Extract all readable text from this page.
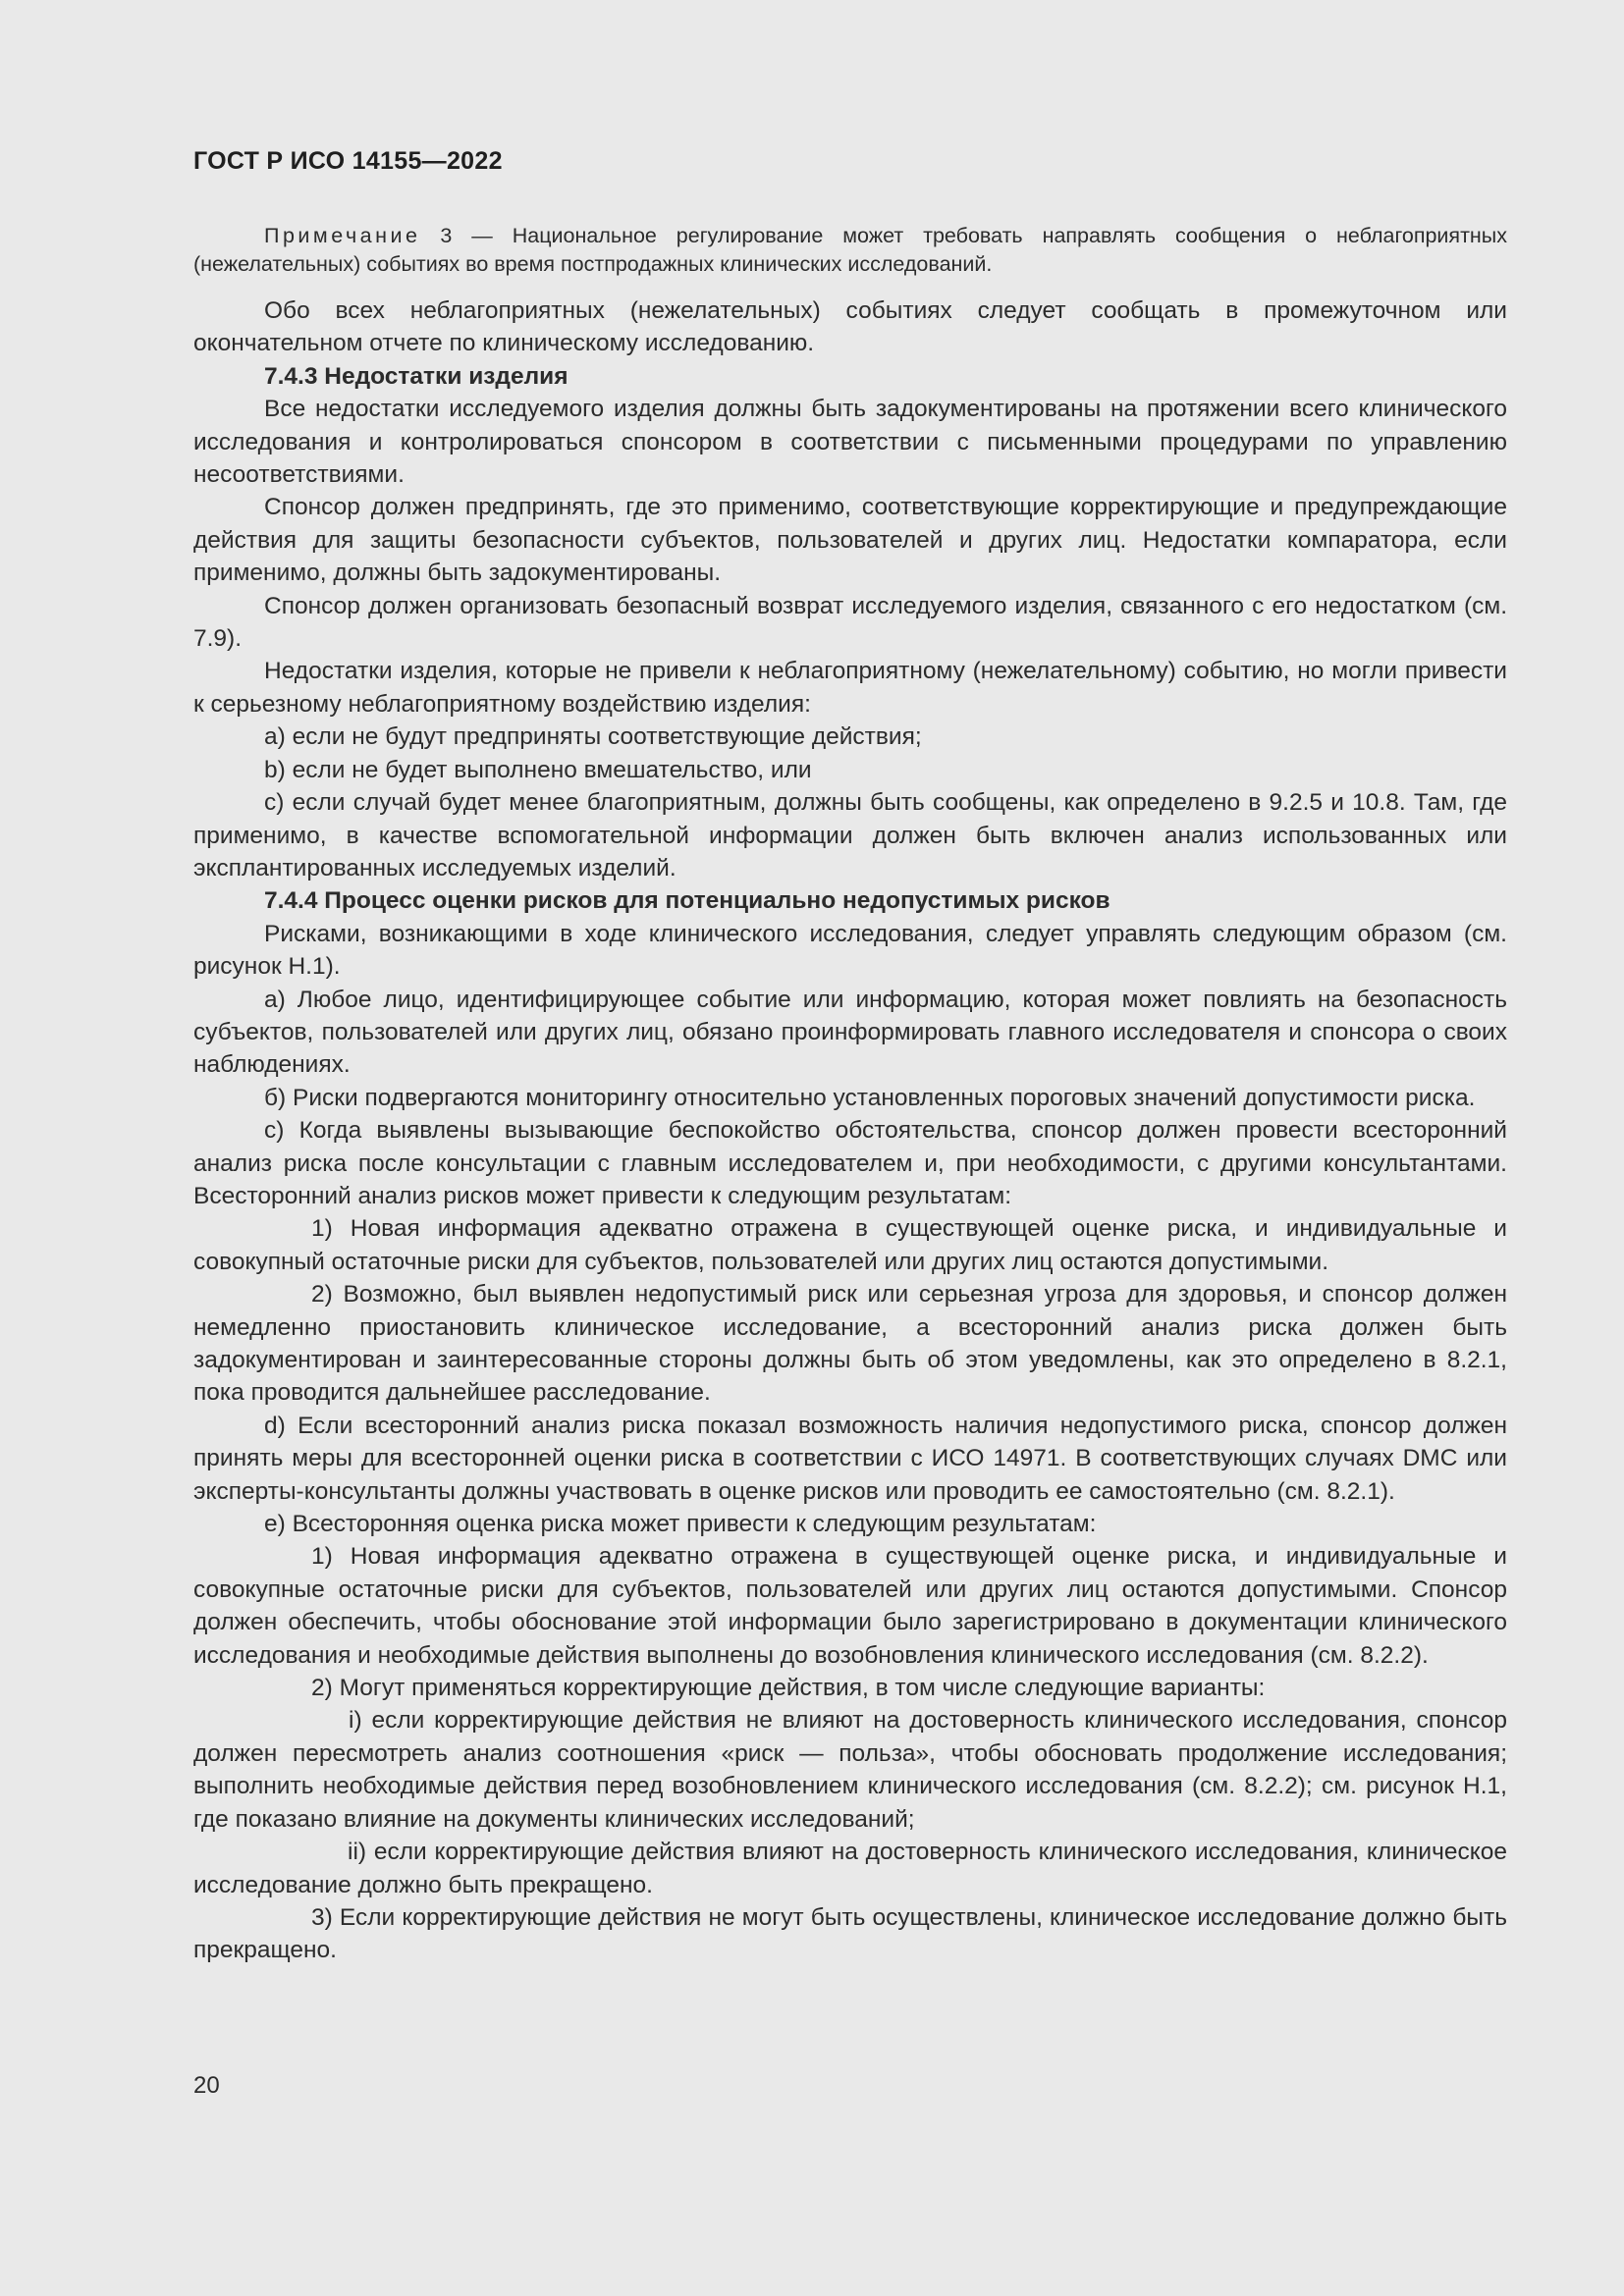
ГОСТ Р ИСО 14155—2022

Примечание 3 — Национальное регулирование может требовать направлять сообщения о неблагоприятных (нежелательных) событиях во время постпродажных клинических исследований.

Обо всех неблагоприятных (нежелательных) событиях следует сообщать в промежуточном или окончательном отчете по клиническому исследованию.

7.4.3 Недостатки изделия

Все недостатки исследуемого изделия должны быть задокументированы на протяжении всего клинического исследования и контролироваться спонсором в соответствии с письменными процедурами по управлению несоответствиями.

Спонсор должен предпринять, где это применимо, соответствующие корректирующие и предупреждающие действия для защиты безопасности субъектов, пользователей и других лиц. Недостатки компаратора, если применимо, должны быть задокументированы.

Спонсор должен организовать безопасный возврат исследуемого изделия, связанного с его недостатком (см. 7.9).

Недостатки изделия, которые не привели к неблагоприятному (нежелательному) событию, но могли привести к серьезному неблагоприятному воздействию изделия:

a) если не будут предприняты соответствующие действия;

b) если не будет выполнено вмешательство, или

c) если случай будет менее благоприятным, должны быть сообщены, как определено в 9.2.5 и 10.8. Там, где применимо, в качестве вспомогательной информации должен быть включен анализ использованных или эксплантированных исследуемых изделий.

7.4.4 Процесс оценки рисков для потенциально недопустимых рисков

Рисками, возникающими в ходе клинического исследования, следует управлять следующим образом (см. рисунок Н.1).

a) Любое лицо, идентифицирующее событие или информацию, которая может повлиять на безопасность субъектов, пользователей или других лиц, обязано проинформировать главного исследователя и спонсора о своих наблюдениях.

б) Риски подвергаются мониторингу относительно установленных пороговых значений допустимости риска.

c) Когда выявлены вызывающие беспокойство обстоятельства, спонсор должен провести всесторонний анализ риска после консультации с главным исследователем и, при необходимости, с другими консультантами. Всесторонний анализ рисков может привести к следующим результатам:

1) Новая информация адекватно отражена в существующей оценке риска, и индивидуальные и совокупный остаточные риски для субъектов, пользователей или других лиц остаются допустимыми.

2) Возможно, был выявлен недопустимый риск или серьезная угроза для здоровья, и спонсор должен немедленно приостановить клиническое исследование, а всесторонний анализ риска должен быть задокументирован и заинтересованные стороны должны быть об этом уведомлены, как это определено в 8.2.1, пока проводится дальнейшее расследование.

d) Если всесторонний анализ риска показал возможность наличия недопустимого риска, спонсор должен принять меры для всесторонней оценки риска в соответствии с ИСО 14971. В соответствующих случаях DMC или эксперты-консультанты должны участвовать в оценке рисков или проводить ее самостоятельно (см. 8.2.1).

e) Всесторонняя оценка риска может привести к следующим результатам:

1) Новая информация адекватно отражена в существующей оценке риска, и индивидуальные и совокупные остаточные риски для субъектов, пользователей или других лиц остаются допустимыми. Спонсор должен обеспечить, чтобы обоснование этой информации было зарегистрировано в документации клинического исследования и необходимые действия выполнены до возобновления клинического исследования (см. 8.2.2).

2) Могут применяться корректирующие действия, в том числе следующие варианты:

i) если корректирующие действия не влияют на достоверность клинического исследования, спонсор должен пересмотреть анализ соотношения «риск — польза», чтобы обосновать продолжение исследования; выполнить необходимые действия перед возобновлением клинического исследования (см. 8.2.2); см. рисунок Н.1, где показано влияние на документы клинических исследований;

ii) если корректирующие действия влияют на достоверность клинического исследования, клиническое исследование должно быть прекращено.

3) Если корректирующие действия не могут быть осуществлены, клиническое исследование должно быть прекращено.

20
